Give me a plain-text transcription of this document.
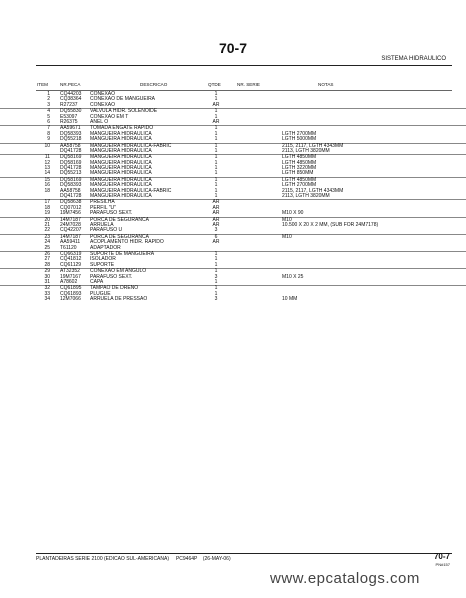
70-7
SISTEMA HIDRAULICO
ITEM	NR.PECA	DESCRICAO	QTDE	NR. SERIE	NOTAS
1 CQ44203 CONEXAO	1
2 CQ38364 CONEXAO DE MANGUEIRA	1
3 R27237 CONEXAO	AR
4 DQ55830 VALVULA HIDR. SOLENOIDE	1
5 E53097	CONEXAO EM T	1
6 R26375 ANEL O	AR
7 AA59671 TOMADA ENGATE RAPIDO	1
8 DQ58393 MANGUEIRA HIDRAULICA	1	LGTH 2700MM
9 DQ55218 MANGUEIRA HIDRAULICA	1	LGTH 5000MM
10 AA58758 MANGUEIRA HIDRAULICA-FABRIC	1	2115, 2117, LGTH 4343MM
DQ41728 MANGUEIRA HIDRAULICA	1	2113, LGTH 3820MM
11 DQ58169 MANGUEIRA HIDRAULICA	1	LGTH 4850MM
12 DQ58169 MANGUEIRA HIDRAULICA	1	LGTH 4850MM
13 DQ41728 MANGUEIRA HIDRAULICA	1	LGTH 3220MM
14 DQ55213 MANGUEIRA HIDRAULICA	1	LGTH 850MM
15 DQ58169 MANGUEIRA HIDRAULICA	1	LGTH 4850MM
16 DQ58393 MANGUEIRA HIDRAULICA	1	LGTH 2700MM
18 AA58758 MANGUEIRA HIDRAULICA-FABRIC	1	2115, 2117, LGTH 4343MM
DQ41728 MANGUEIRA HIDRAULICA	1	2113, LGTH 3820MM
17 DQ58638 PRESILHA	AR
18 CQ07012 PERFIL "U"	AR
19 19M7456 PARAFUSO SEXT.	AR	M10 X 90
20 14M7187 PORCA DE SEGURANCA	AR	M10
21 24M7028 ARRUELA	AR	10.500 X 20 X 2 MM, (SUB FOR 24M7178)
22 CQ42207 PARAFUSO U	3
23 14M7187 PORCA DE SEGURANCA	6	M10
24 AA59411 ACOPLAMENTO HIDR. RAPIDO	AR
25 T61120	ADAPTADOR
26 CQ66319 SUPORTE DE MANGUEIRA	1
27 CQ41812 ISOLADOR	1
28 CQ61129 SUPORTE	1
29 AT32352 CONEXAO EM ANGULO	1
30 19M7167 PARAFUSO SEXT.	3	M10 X 25
31 A78602	CAPA	1
32 CQ61895 TAMPAO DE DRENO	1
33 CQ61893 PLUGUE	1
34 12M7066 ARRUELA DE PRESSAO	3	10 MM
PLANTADEIRAS SERIE 2100 (EDICAO SUL-AMERICANA) PC9464P (26-MAY-06)	70-7
PN#157
www.epcatalogs.com
